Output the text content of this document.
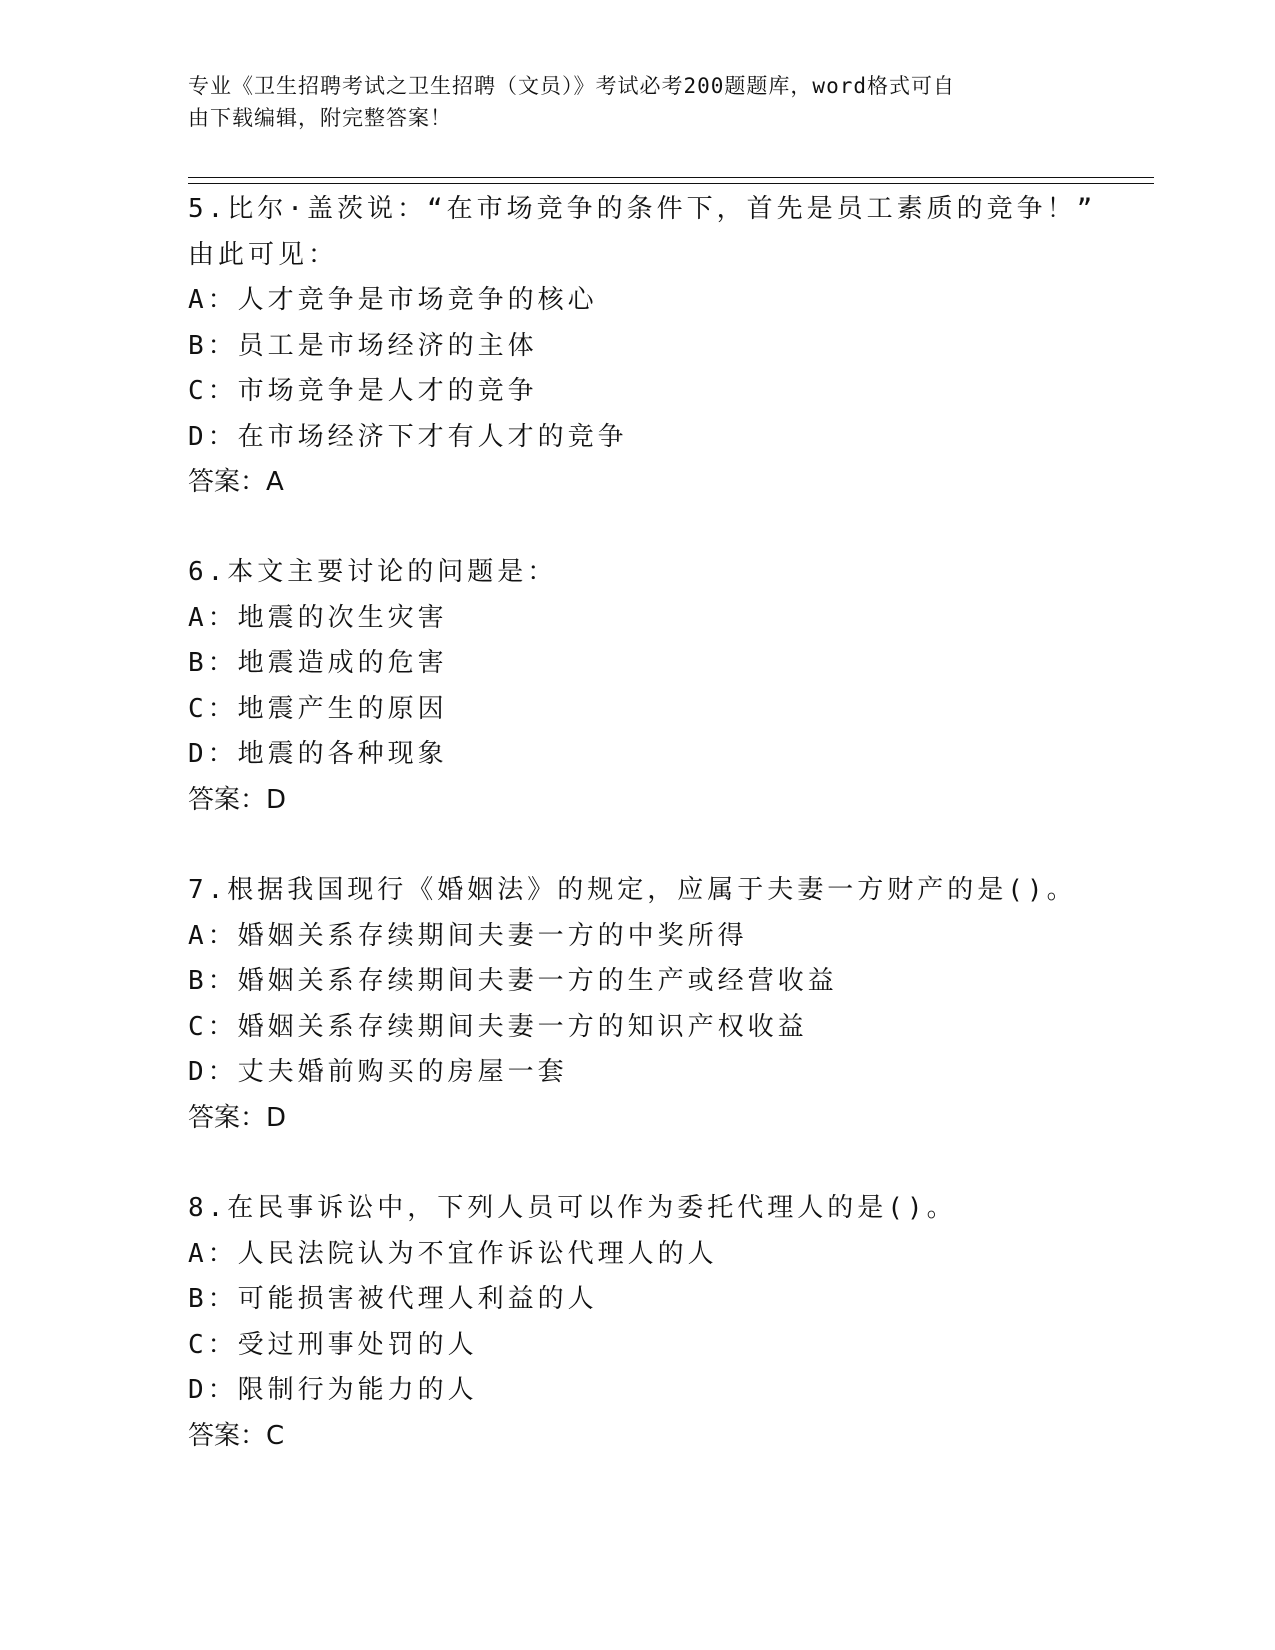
专业《卫生招聘考试之卫生招聘（文员）》考试必考200题题库，word格式可自

由下载编辑，附完整答案！

5.比尔·盖茨说：“在市场竞争的条件下，首先是员工素质的竞争！”
由此可见：
A：人才竞争是市场竞争的核心
B：员工是市场经济的主体
C：市场竞争是人才的竞争
D：在市场经济下才有人才的竞争
答案：A
6.本文主要讨论的问题是：
A：地震的次生灾害
B：地震造成的危害
C：地震产生的原因
D：地震的各种现象
答案：D
7.根据我国现行《婚姻法》的规定，应属于夫妻一方财产的是()。
A：婚姻关系存续期间夫妻一方的中奖所得
B：婚姻关系存续期间夫妻一方的生产或经营收益
C：婚姻关系存续期间夫妻一方的知识产权收益
D：丈夫婚前购买的房屋一套
答案：D
8.在民事诉讼中，下列人员可以作为委托代理人的是()。
A：人民法院认为不宜作诉讼代理人的人
B：可能损害被代理人利益的人
C：受过刑事处罚的人
D：限制行为能力的人
答案：C
